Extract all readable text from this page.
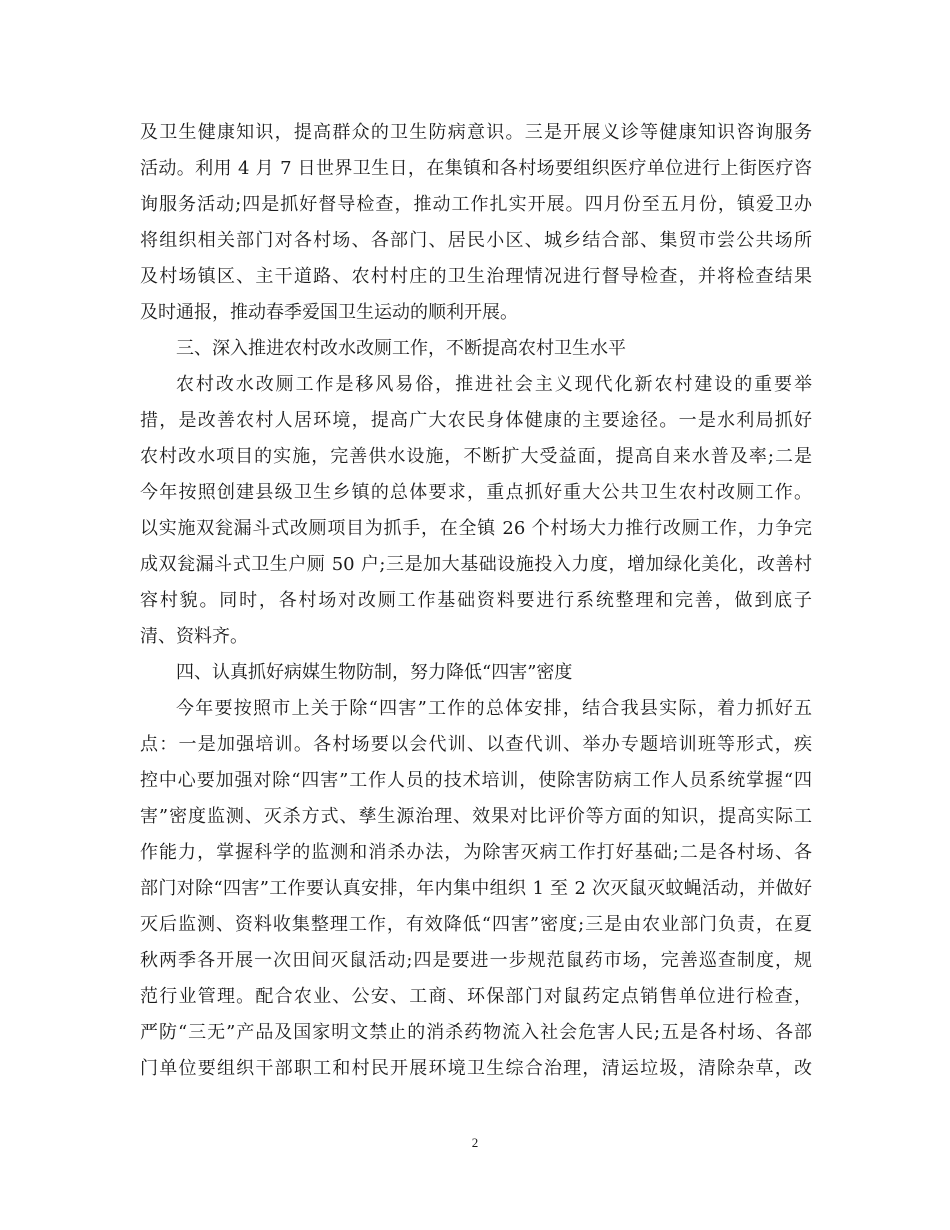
及卫生健康知识，提高群众的卫生防病意识。三是开展义诊等健康知识咨询服务
活动。利用 4 月 7 日世界卫生日，在集镇和各村场要组织医疗单位进行上街医疗咨
询服务活动;四是抓好督导检查，推动工作扎实开展。四月份至五月份，镇爱卫办
将组织相关部门对各村场、各部门、居民小区、城乡结合部、集贸市尝公共场所
及村场镇区、主干道路、农村村庄的卫生治理情况进行督导检查，并将检查结果
及时通报，推动春季爱国卫生运动的顺利开展。
三、深入推进农村改水改厕工作，不断提高农村卫生水平
农村改水改厕工作是移风易俗，推进社会主义现代化新农村建设的重要举
措，是改善农村人居环境，提高广大农民身体健康的主要途径。一是水利局抓好
农村改水项目的实施，完善供水设施，不断扩大受益面，提高自来水普及率;二是
今年按照创建县级卫生乡镇的总体要求，重点抓好重大公共卫生农村改厕工作。
以实施双瓮漏斗式改厕项目为抓手，在全镇 26 个村场大力推行改厕工作，力争完
成双瓮漏斗式卫生户厕 50 户;三是加大基础设施投入力度，增加绿化美化，改善村
容村貌。同时，各村场对改厕工作基础资料要进行系统整理和完善，做到底子
清、资料齐。
四、认真抓好病媒生物防制，努力降低“四害”密度
今年要按照市上关于除“四害”工作的总体安排，结合我县实际，着力抓好五
点：一是加强培训。各村场要以会代训、以查代训、举办专题培训班等形式，疾
控中心要加强对除“四害”工作人员的技术培训，使除害防病工作人员系统掌握“四
害”密度监测、灭杀方式、孳生源治理、效果对比评价等方面的知识，提高实际工
作能力，掌握科学的监测和消杀办法，为除害灭病工作打好基础;二是各村场、各
部门对除“四害”工作要认真安排，年内集中组织 1 至 2 次灭鼠灭蚊蝇活动，并做好
灭后监测、资料收集整理工作，有效降低“四害”密度;三是由农业部门负责，在夏
秋两季各开展一次田间灭鼠活动;四是要进一步规范鼠药市场，完善巡查制度，规
范行业管理。配合农业、公安、工商、环保部门对鼠药定点销售单位进行检查，
严防“三无”产品及国家明文禁止的消杀药物流入社会危害人民;五是各村场、各部
门单位要组织干部职工和村民开展环境卫生综合治理，清运垃圾，清除杂草，改
2
